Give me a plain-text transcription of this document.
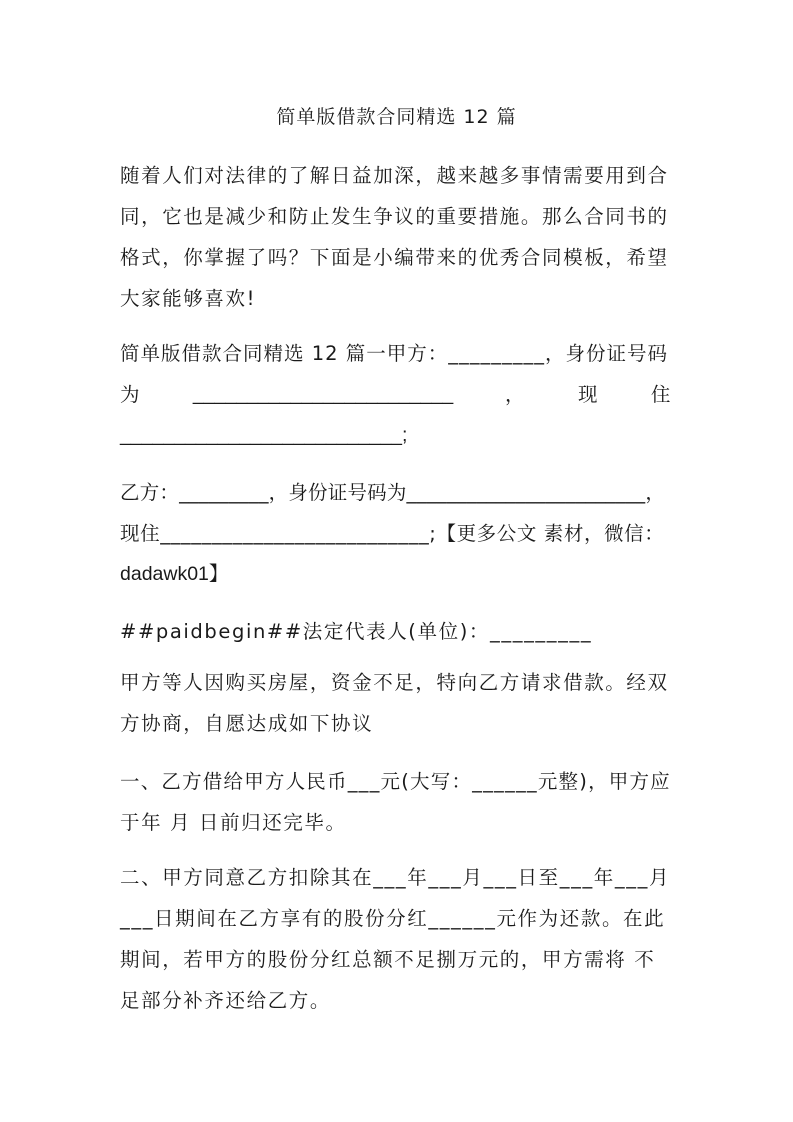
简单版借款合同精选 12 篇
随着人们对法律的了解日益加深，越来越多事情需要用到合
同，它也是减少和防止发生争议的重要措施。那么合同书的
格式，你掌握了吗？下面是小编带来的优秀合同模板，希望
大家能够喜欢!
简单版借款合同精选 12 篇一甲方：_________，身份证号码
为	________________________	，	现	住
__________________________;
乙方：_________，身份证号码为________________________，
现住__________________________;【更多公文 素材，微信：
dadawk01】
##paidbegin##法定代表人(单位)：_________
甲方等人因购买房屋，资金不足，特向乙方请求借款。经双
方协商，自愿达成如下协议
一、乙方借给甲方人民币___元(大写：______元整)，甲方应
于年 月 日前归还完毕。
二、甲方同意乙方扣除其在___年___月___日至___年___月
___日期间在乙方享有的股份分红______元作为还款。在此
期间，若甲方的股份分红总额不足捌万元的，甲方需将 不
足部分补齐还给乙方。
